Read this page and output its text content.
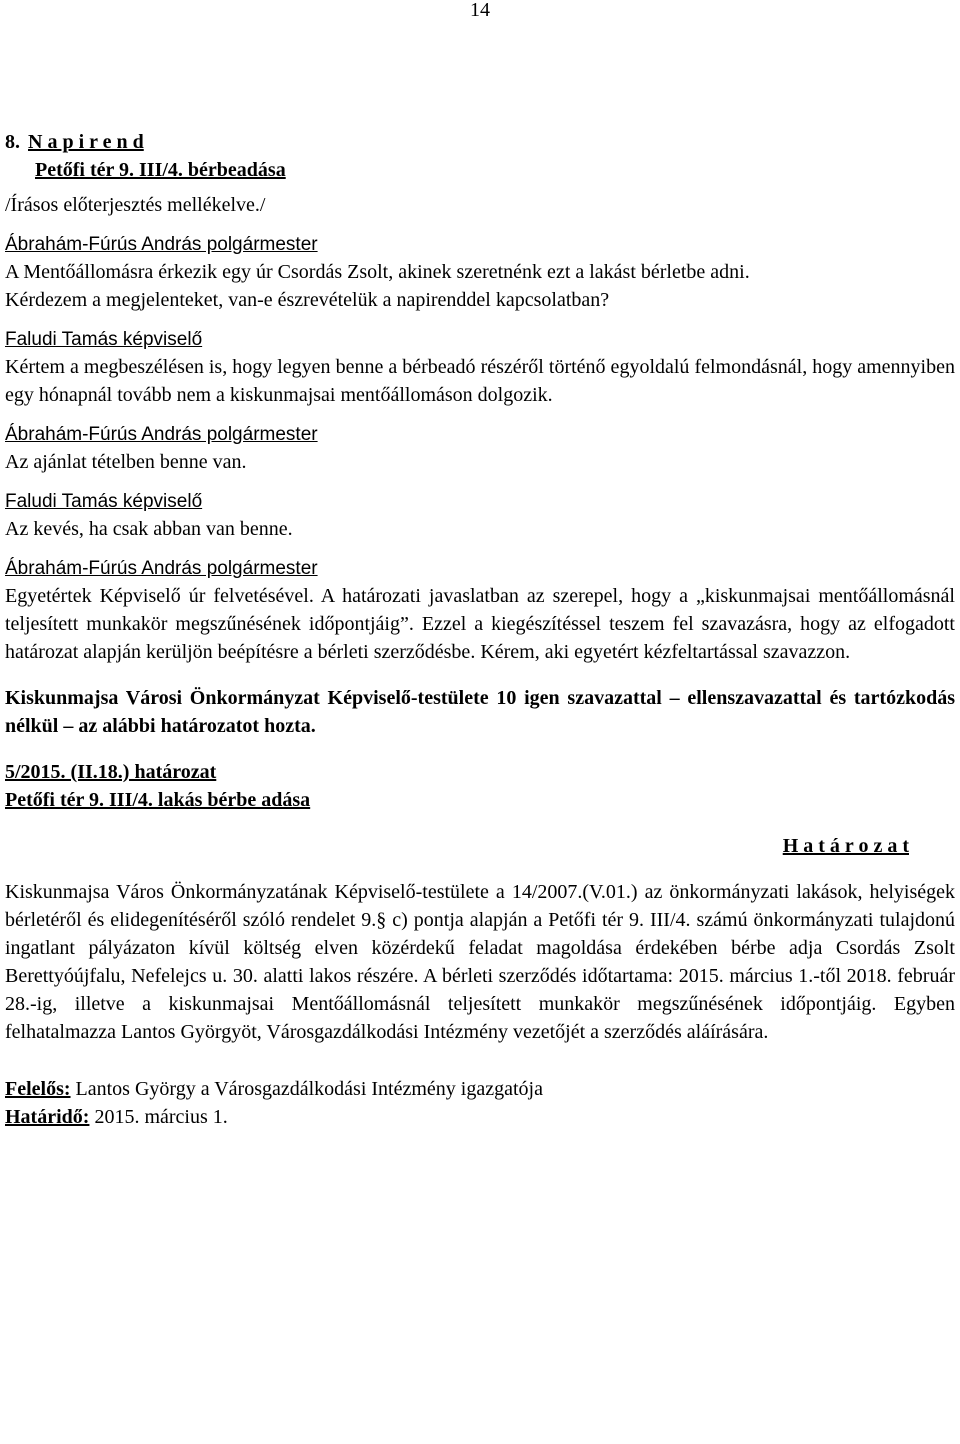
14
8. N a p i r e n d
Petőfi tér 9. III/4. bérbeadása
/Írásos előterjesztés mellékelve./
Ábrahám-Fúrús András polgármester
A Mentőállomásra érkezik egy úr Csordás Zsolt, akinek szeretnénk ezt a lakást bérletbe adni.
Kérdezem a megjelenteket, van-e észrevételük a napirenddel kapcsolatban?
Faludi Tamás képviselő
Kértem a megbeszélésen is, hogy legyen benne a bérbeadó részéről történő egyoldalú felmondásnál, hogy amennyiben egy hónapnál tovább nem a kiskunmajsai mentőállomáson dolgozik.
Ábrahám-Fúrús András polgármester
Az ajánlat tételben benne van.
Faludi Tamás képviselő
Az kevés, ha csak abban van benne.
Ábrahám-Fúrús András polgármester
Egyetértek Képviselő úr felvetésével. A határozati javaslatban az szerepel, hogy a „kiskunmajsai mentőállomásnál teljesített munkakör megszűnésének időpontjáig”. Ezzel a kiegészítéssel teszem fel szavazásra, hogy az elfogadott határozat alapján kerüljön beépítésre a bérleti szerződésbe. Kérem, aki egyetért kézfeltartással szavazzon.
Kiskunmajsa Városi Önkormányzat Képviselő-testülete 10 igen szavazattal – ellenszavazattal és tartózkodás nélkül – az alábbi határozatot hozta.
5/2015. (II.18.) határozat
Petőfi tér 9. III/4. lakás bérbe adása
H a t á r o z a t
Kiskunmajsa Város Önkormányzatának Képviselő-testülete a 14/2007.(V.01.) az önkormányzati lakások, helyiségek bérletéről és elidegenítéséről szóló rendelet 9.§ c) pontja alapján a Petőfi tér 9. III/4. számú önkormányzati tulajdonú ingatlant pályázaton kívül költség elven közérdekű feladat magoldása érdekében bérbe adja Csordás Zsolt Berettyóújfalu, Nefelejcs u. 30. alatti lakos részére. A bérleti szerződés időtartama: 2015. március 1.-től 2018. február 28.-ig, illetve a kiskunmajsai Mentőállomásnál teljesített munkakör megszűnésének időpontjáig. Egyben felhatalmazza Lantos Györgyöt, Városgazdálkodási Intézmény vezetőjét a szerződés aláírására.
Felelős: Lantos György a Városgazdálkodási Intézmény igazgatója
Határidő: 2015. március 1.
